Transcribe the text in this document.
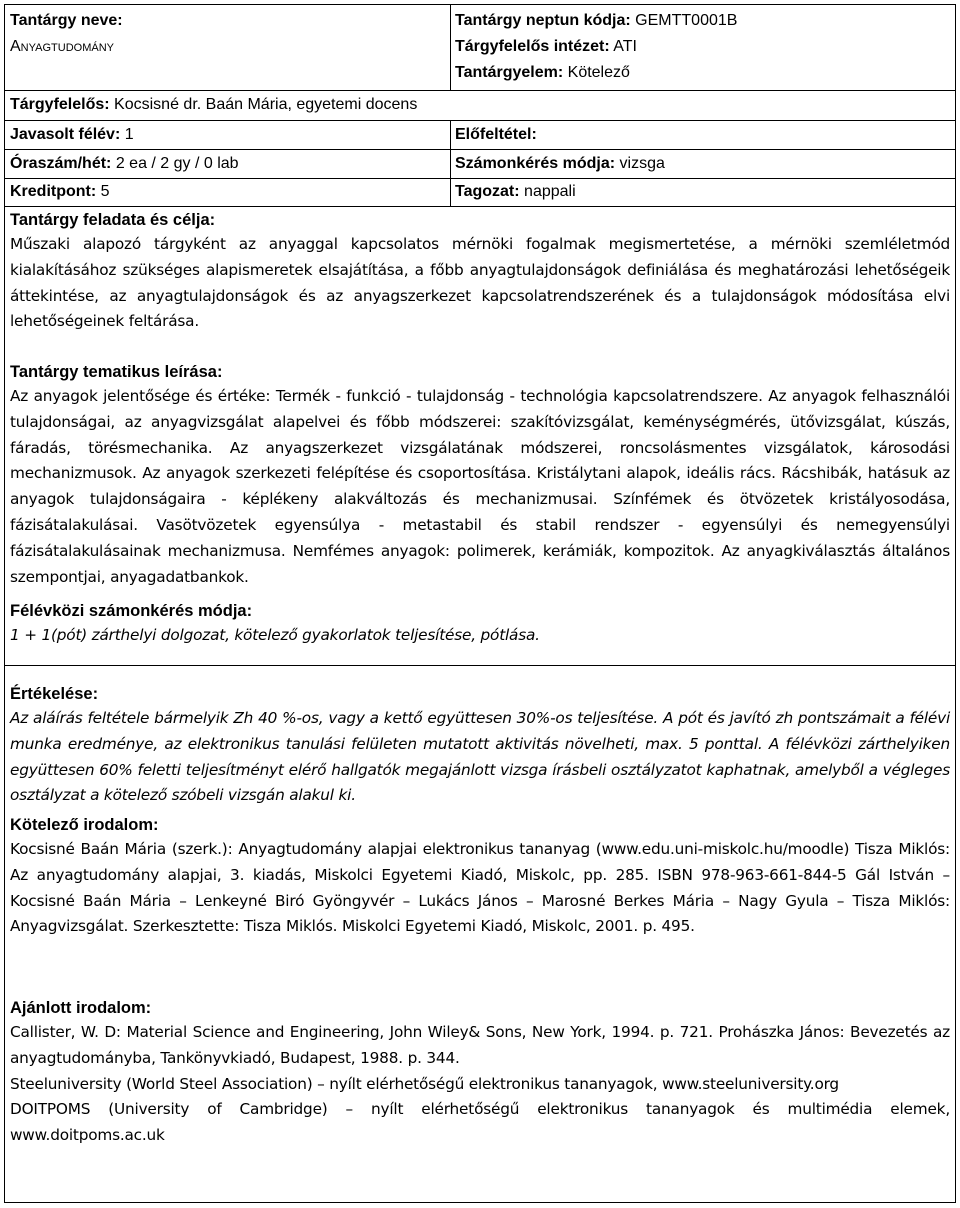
Tantárgy neve:
Anyagtudomány
Tantárgy neptun kódja: GEMTT0001B
Tárgyfelelős intézet: ATI
Tantárgyelem: Kötelező
Tárgyfelelős: Kocsisné dr. Baán Mária, egyetemi docens
Javasolt félév: 1	Előfeltétel:
Óraszám/hét: 2 ea / 2 gy / 0 lab	Számonkérés módja: vizsga
Kreditpont: 5	Tagozat: nappali

Tantárgy feladata és célja:

Műszaki alapozó tárgyként az anyaggal kapcsolatos mérnöki fogalmak megismertetése, a mérnöki szemléletmód kialakításához szükséges alapismeretek elsajátítása, a főbb anyagtulajdonságok definiálása és meghatározási lehetőségeik áttekintése, az anyagtulajdonságok és az anyagszerkezet kapcsolatrendszerének és a tulajdonságok módosítása elvi lehetőségeinek feltárása.

Tantárgy tematikus leírása:

Az anyagok jelentősége és értéke: Termék - funkció - tulajdonság - technológia kapcsolatrendszere. Az anyagok felhasználói tulajdonságai, az anyagvizsgálat alapelvei és főbb módszerei: szakítóvizsgálat, keménységmérés, ütővizsgálat, kúszás, fáradás, törésmechanika. Az anyagszerkezet vizsgálatának módszerei, roncsolásmentes vizsgálatok, károsodási mechanizmusok. Az anyagok szerkezeti felépítése és csoportosítása. Kristálytani alapok, ideális rács. Rácshibák, hatásuk az anyagok tulajdonságaira - képlékeny alakváltozás és mechanizmusai. Színfémek és ötvözetek kristályosodása, fázisátalakulásai. Vasötvözetek egyensúlya - metastabil és stabil rendszer - egyensúlyi és nemegyensúlyi fázisátalakulásainak mechanizmusa. Nemfémes anyagok: polimerek, kerámiák, kompozitok. Az anyagkiválasztás általános szempontjai, anyagadatbankok.

Félévközi számonkérés módja:

1 + 1(pót) zárthelyi dolgozat, kötelező gyakorlatok teljesítése, pótlása.

Értékelése:

Az aláírás feltétele bármelyik Zh 40 %-os, vagy a kettő együttesen 30%-os teljesítése. A pót és javító zh pontszámait a félévi munka eredménye, az elektronikus tanulási felületen mutatott aktivitás növelheti, max. 5 ponttal. A félévközi zárthelyiken együttesen 60% feletti teljesítményt elérő hallgatók megajánlott vizsga írásbeli osztályzatot kaphatnak, amelyből a végleges osztályzat a kötelező szóbeli vizsgán alakul ki.

Kötelező irodalom:

Kocsisné Baán Mária (szerk.): Anyagtudomány alapjai elektronikus tananyag (www.edu.uni-miskolc.hu/moodle) Tisza Miklós: Az anyagtudomány alapjai, 3. kiadás, Miskolci Egyetemi Kiadó, Miskolc, pp. 285. ISBN 978-963-661-844-5 Gál István – Kocsisné Baán Mária – Lenkeyné Biró Gyöngyvér – Lukács János – Marosné Berkes Mária – Nagy Gyula – Tisza Miklós: Anyagvizsgálat. Szerkesztette: Tisza Miklós. Miskolci Egyetemi Kiadó, Miskolc, 2001. p. 495.

Ajánlott irodalom:

Callister, W. D: Material Science and Engineering, John Wiley& Sons, New York, 1994. p. 721. Prohászka János: Bevezetés az anyagtudományba, Tankönyvkiadó, Budapest, 1988. p. 344.

Steeluniversity (World Steel Association) – nyílt elérhetőségű elektronikus tananyagok, www.steeluniversity.org

DOITPOMS (University of Cambridge) – nyílt elérhetőségű elektronikus tananyagok és multimédia elemek, www.doitpoms.ac.uk
